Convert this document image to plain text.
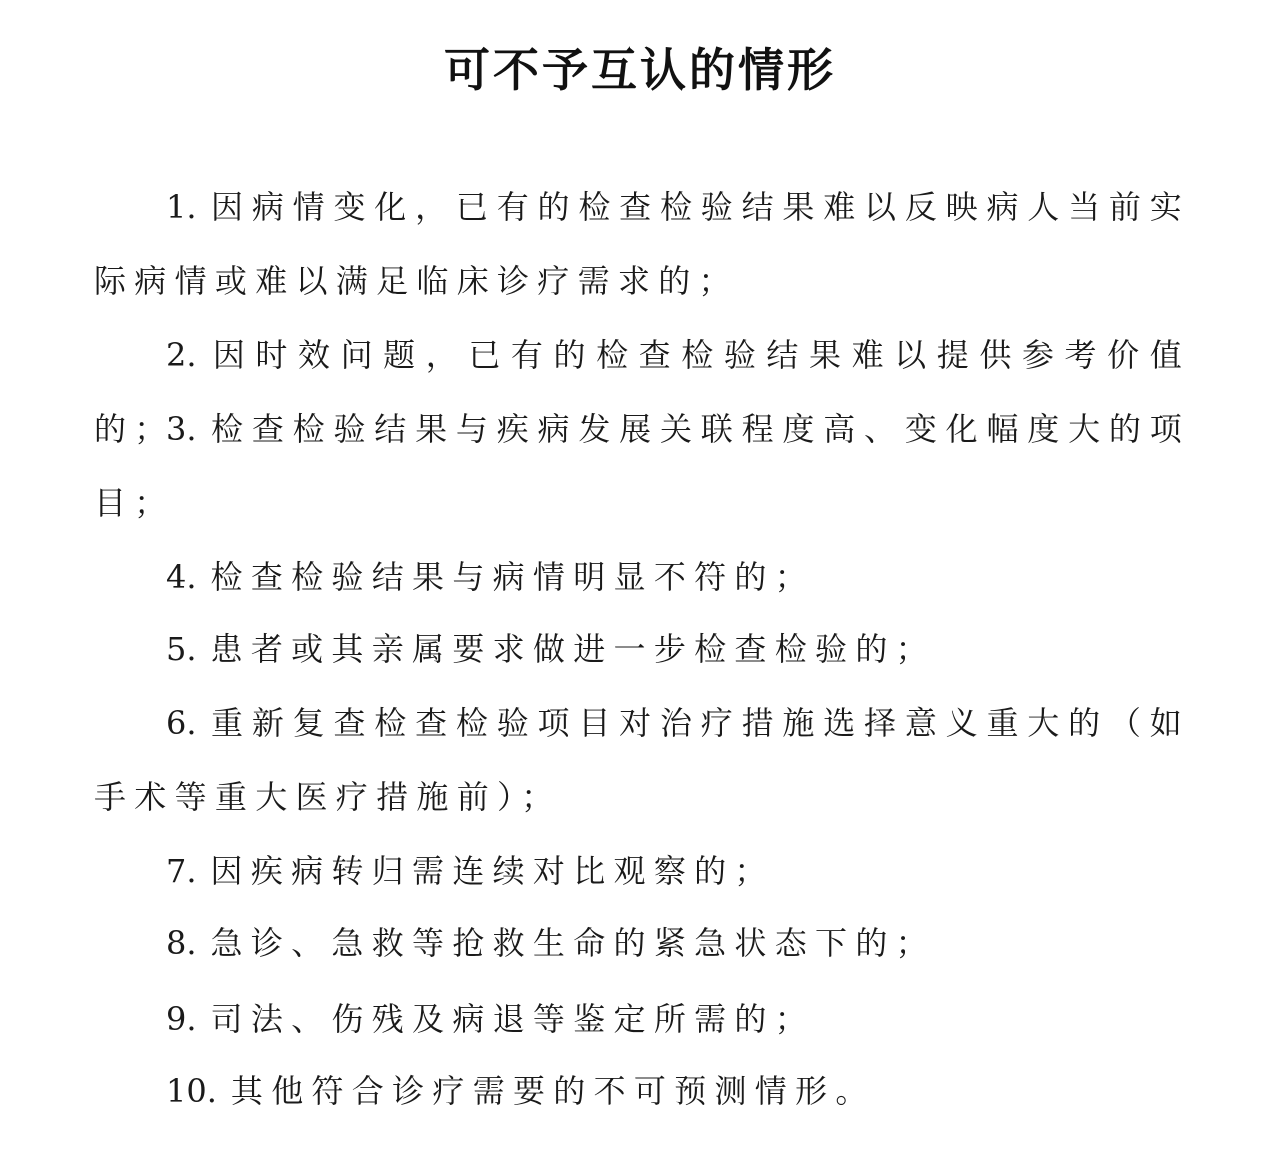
可不予互认的情形
1. 因病情变化，已有的检查检验结果难以反映病人当前实际病情或难以满足临床诊疗需求的；
2. 因时效问题，已有的检查检验结果难以提供参考价值的；
3. 检查检验结果与疾病发展关联程度高、变化幅度大的项目；
4. 检查检验结果与病情明显不符的；
5. 患者或其亲属要求做进一步检查检验的；
6. 重新复查检查检验项目对治疗措施选择意义重大的（如手术等重大医疗措施前）；
7. 因疾病转归需连续对比观察的；
8. 急诊、急救等抢救生命的紧急状态下的；
9. 司法、伤残及病退等鉴定所需的；
10. 其他符合诊疗需要的不可预测情形。
